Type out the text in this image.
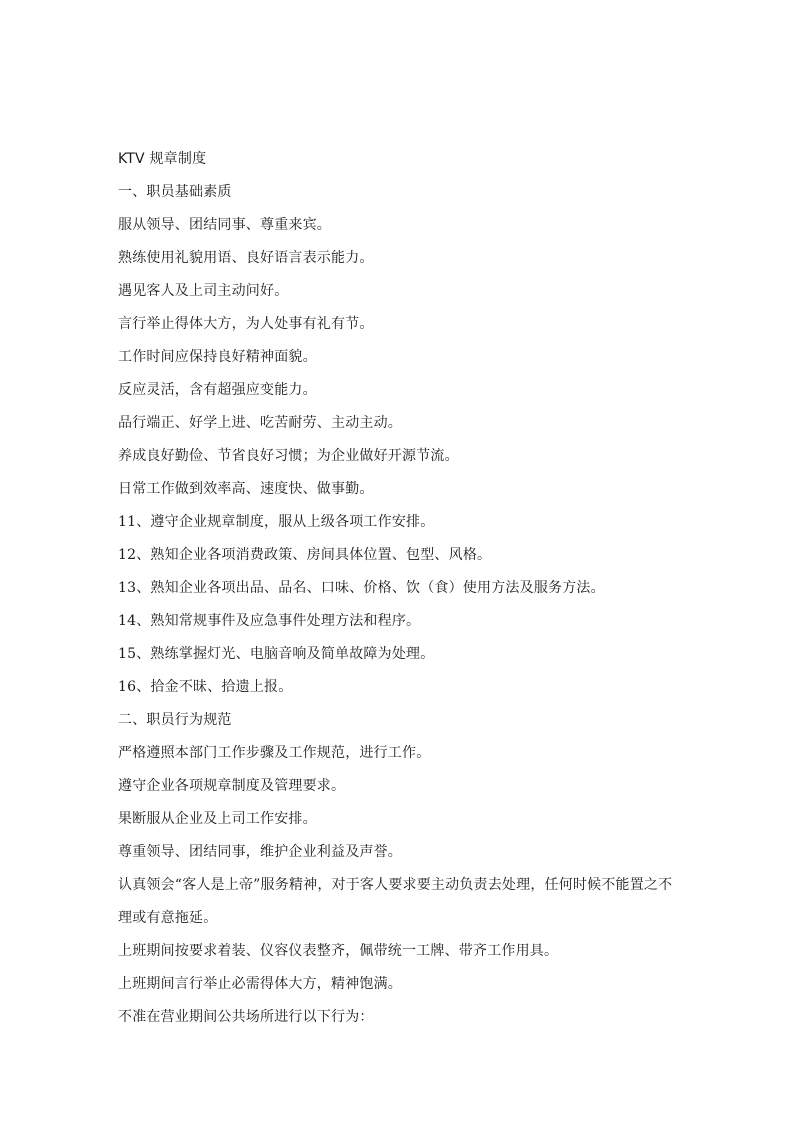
KTV 规章制度
一、职员基础素质
服从领导、团结同事、尊重来宾。
熟练使用礼貌用语、良好语言表示能力。
遇见客人及上司主动问好。
言行举止得体大方，为人处事有礼有节。
工作时间应保持良好精神面貌。
反应灵活，含有超强应变能力。
品行端正、好学上进、吃苦耐劳、主动主动。
养成良好勤俭、节省良好习惯；为企业做好开源节流。
日常工作做到效率高、速度快、做事勤。
11、遵守企业规章制度，服从上级各项工作安排。
12、熟知企业各项消费政策、房间具体位置、包型、风格。
13、熟知企业各项出品、品名、口味、价格、饮（食）使用方法及服务方法。
14、熟知常规事件及应急事件处理方法和程序。
15、熟练掌握灯光、电脑音响及简单故障为处理。
16、拾金不昧、拾遗上报。
二、职员行为规范
严格遵照本部门工作步骤及工作规范，进行工作。
遵守企业各项规章制度及管理要求。
果断服从企业及上司工作安排。
尊重领导、团结同事，维护企业利益及声誉。
认真领会“客人是上帝”服务精神，对于客人要求要主动负责去处理，任何时候不能置之不
理或有意拖延。
上班期间按要求着装、仪容仪表整齐，佩带统一工牌、带齐工作用具。
上班期间言行举止必需得体大方，精神饱满。
不准在营业期间公共场所进行以下行为：
